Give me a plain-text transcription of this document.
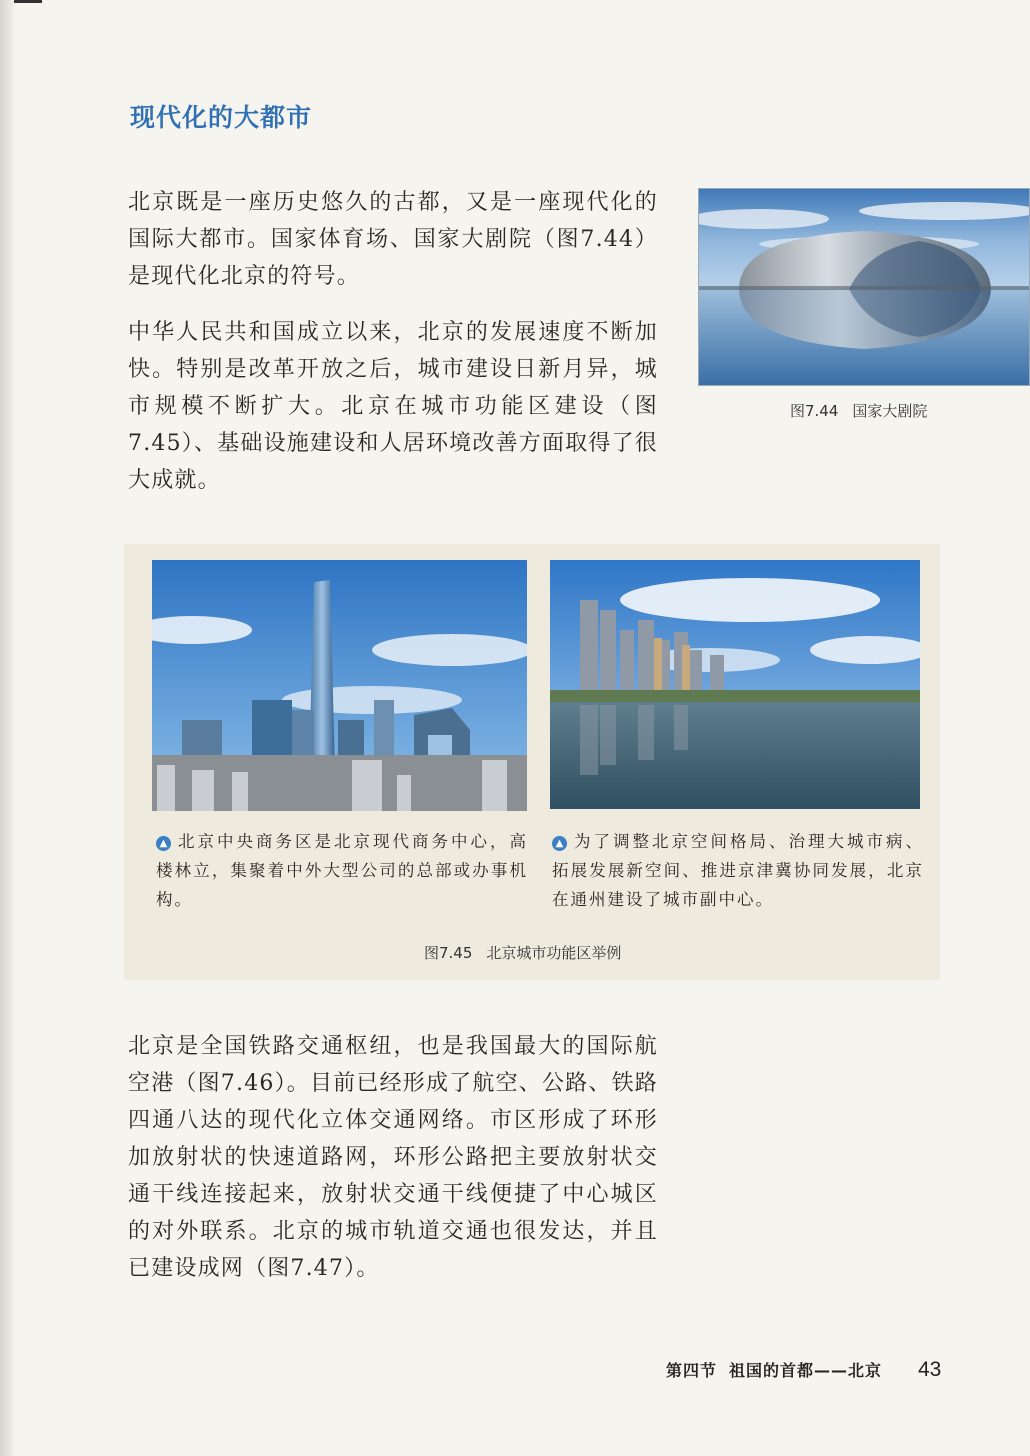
现代化的大都市

北京既是一座历史悠久的古都，又是一座现代化的国际大都市。国家体育场、国家大剧院（图7.44）是现代化北京的符号。

中华人民共和国成立以来，北京的发展速度不断加快。特别是改革开放之后，城市建设日新月异，城市规模不断扩大。北京在城市功能区建设（图7.45）、基础设施建设和人居环境改善方面取得了很大成就。

图7.44 国家大剧院

▲ 北京中央商务区是北京现代商务中心，高楼林立，集聚着中外大型公司的总部或办事机构。

▲ 为了调整北京空间格局、治理大城市病、拓展发展新空间、推进京津冀协同发展，北京在通州建设了城市副中心。

图7.45 北京城市功能区举例

北京是全国铁路交通枢纽，也是我国最大的国际航空港（图7.46）。目前已经形成了航空、公路、铁路四通八达的现代化立体交通网络。市区形成了环形加放射状的快速道路网，环形公路把主要放射状交通干线连接起来，放射状交通干线便捷了中心城区的对外联系。北京的城市轨道交通也很发达，并且已建设成网（图7.47）。

第四节 祖国的首都——北京 43
